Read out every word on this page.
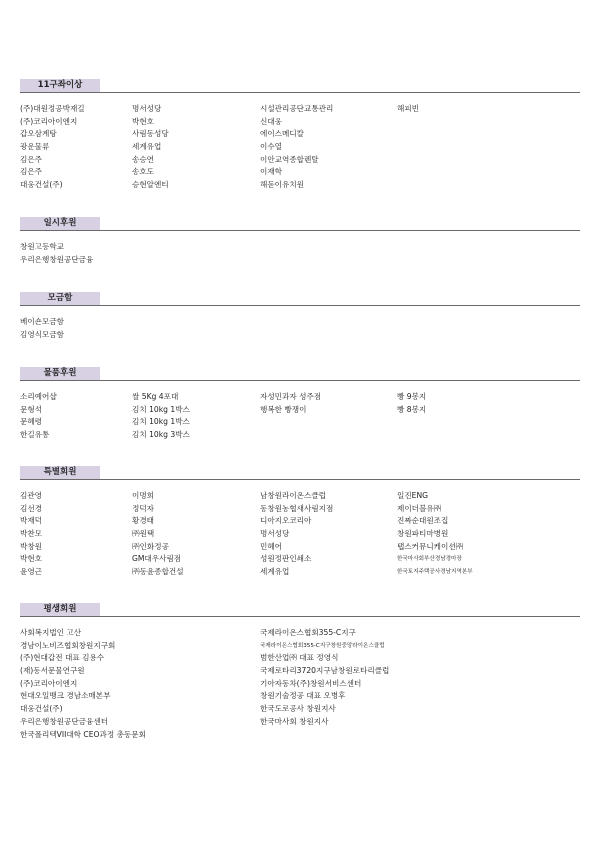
11구좌이상
(주)대원정공박재길	명서성당	시설관리공단교통관리	해피빈
(주)코리아이엔지	박현호	신대웅
갑오삼계탕	사림동성당	에이스메디칼
광운물류	세계유업	이수열
김은주	송승연	이안교역종합렌탈
김은주	송호도	이재학
대웅건설(주)	승현알엔티	해돋이유치원
일시후원
창원고등학교
우리은행창원공단금융
모금함
베이숀모금함
김영식모금함
물품후원
소리예어샵	쌀 5Kg 4포대	자성민과자 성주점	빵 9봉지
문형석	김치 10kg 1박스	행복한 빵쟁이	빵 8봉지
문혜령	김치 10kg 1박스
한길유통	김치 10kg 3박스
특별회원
김관영	이명희	남창원라이온스클럽	일진ENG
김선경	정덕자	동창원농협새사림지점	제이더블유㈜
박재덕	황경태	디아지오코리아	진짜순대원조집
박찬모	㈜원택	명서성당	창원파티마병원
박창원	㈜인화정공	민혜어	탭스커뮤니케이션㈜
박현호	GM대우사림점	성원정판인쇄소	한국마사회부산경남경마장
윤영근	㈜동윤종합건설	세계유업	한국토지주택공사경남지역본부
평생회원
사회복지법인 고산	국제라이온스협회355-C지구
경남이노비즈협회창원지구회	국제라이온스협회355-C지구창원중앙라이온스클럽
(주)현대갑전 대표 김용수	범한산업㈜ 대표 정영식
(재)동서문물연구원	국제로타리3720지구남창원로타리클럽
(주)코리아이엔지	기아자동차(주)창원서비스센터
현대오일뱅크 경남소매본부	창원기술정공 대표 오병후
대웅건설(주)	한국도로공사 창원지사
우리은행창원공단금융센터	한국마사회 창원지사
한국폴리텍VII대학 CEO과정 총동문회
